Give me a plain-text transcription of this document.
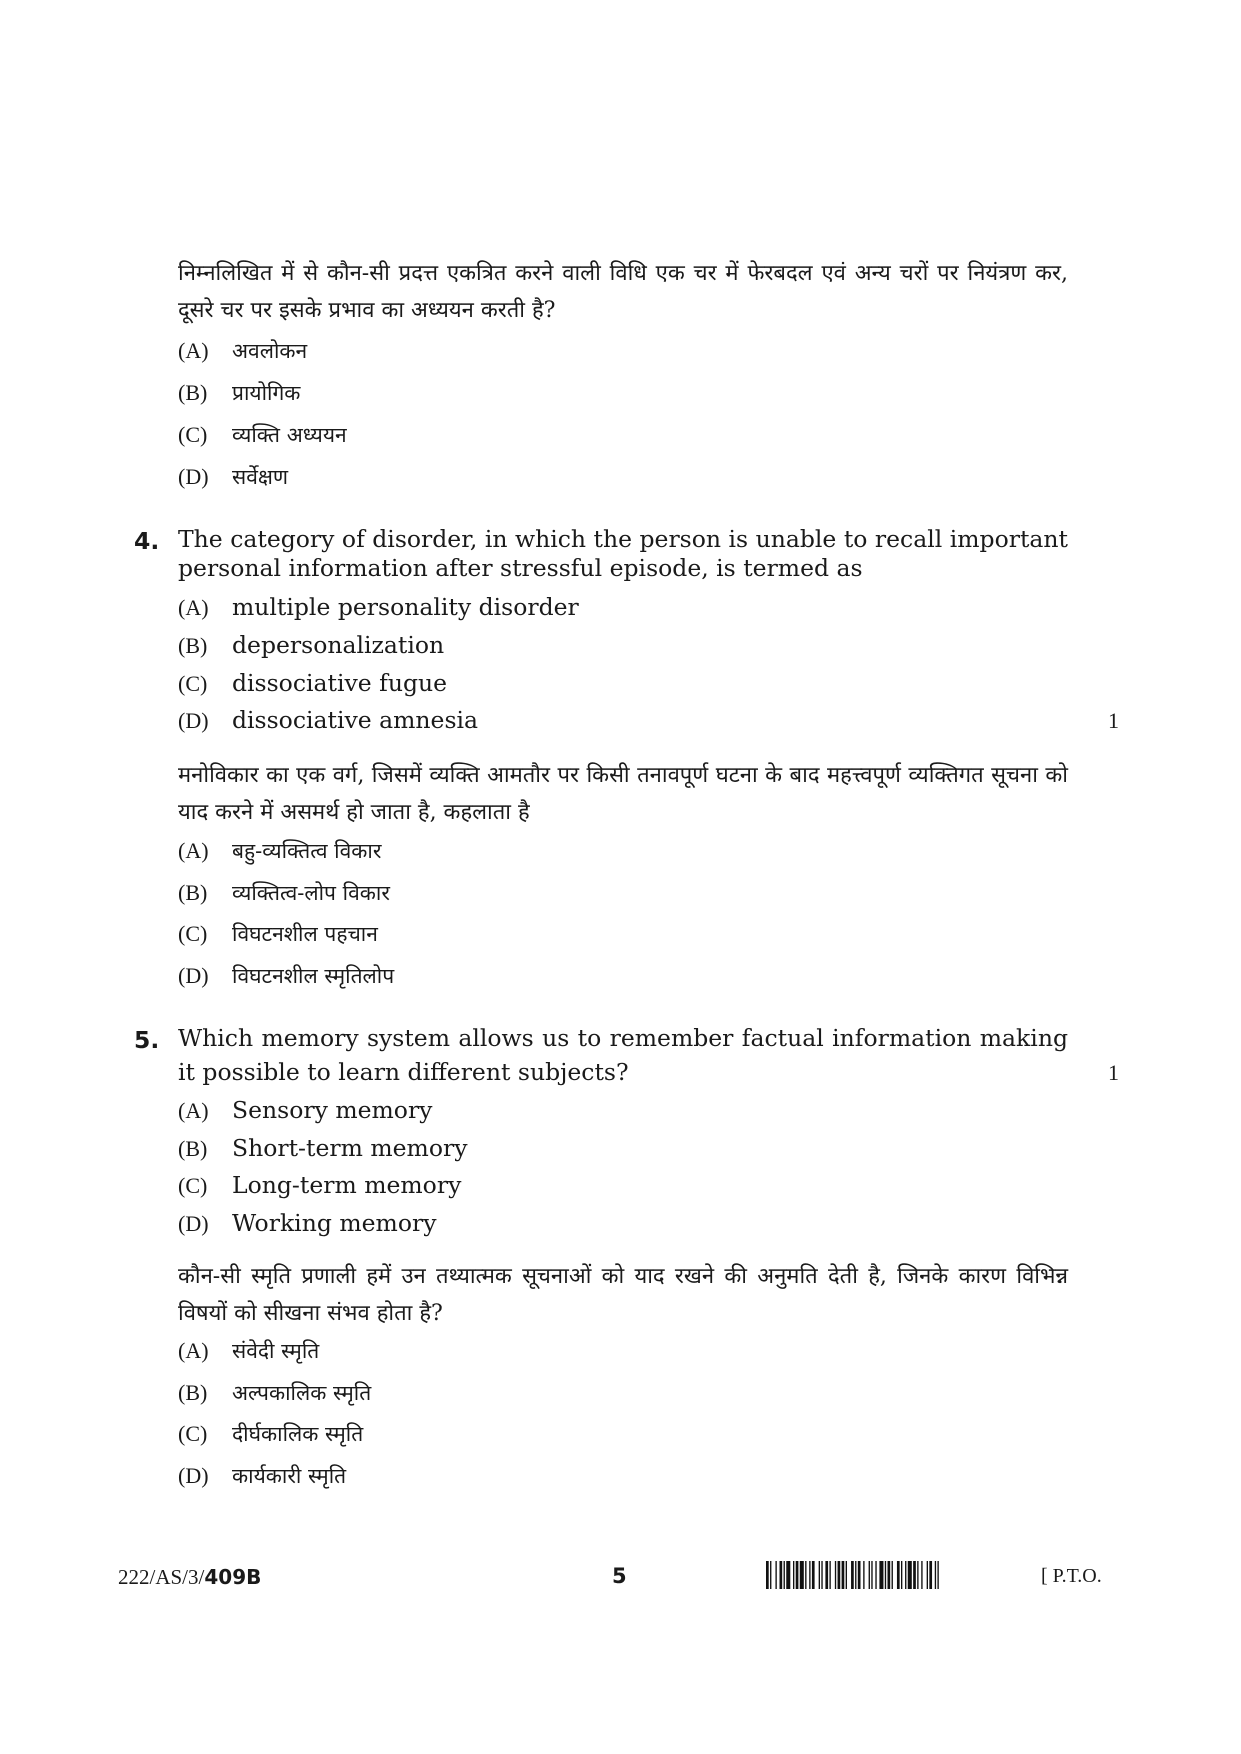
निम्नलिखित में से कौन-सी प्रदत्त एकत्रित करने वाली विधि एक चर में फेरबदल एवं अन्य चरों पर नियंत्रण कर, दूसरे चर पर इसके प्रभाव का अध्ययन करती है?
(A) अवलोकन
(B) प्रायोगिक
(C) व्यक्ति अध्ययन
(D) सर्वेक्षण
4. The category of disorder, in which the person is unable to recall important personal information after stressful episode, is termed as
(A) multiple personality disorder
(B) depersonalization
(C) dissociative fugue
(D) dissociative amnesia	1
मनोविकार का एक वर्ग, जिसमें व्यक्ति आमतौर पर किसी तनावपूर्ण घटना के बाद महत्त्वपूर्ण व्यक्तिगत सूचना को याद करने में असमर्थ हो जाता है, कहलाता है
(A) बहु-व्यक्तित्व विकार
(B) व्यक्तित्व-लोप विकार
(C) विघटनशील पहचान
(D) विघटनशील स्मृतिलोप
5. Which memory system allows us to remember factual information making it possible to learn different subjects?	1
(A) Sensory memory
(B) Short-term memory
(C) Long-term memory
(D) Working memory
कौन-सी स्मृति प्रणाली हमें उन तथ्यात्मक सूचनाओं को याद रखने की अनुमति देती है, जिनके कारण विभिन्न विषयों को सीखना संभव होता है?
(A) संवेदी स्मृति
(B) अल्पकालिक स्मृति
(C) दीर्घकालिक स्मृति
(D) कार्यकारी स्मृति
222/AS/3/409B	5	[ P.T.O.
